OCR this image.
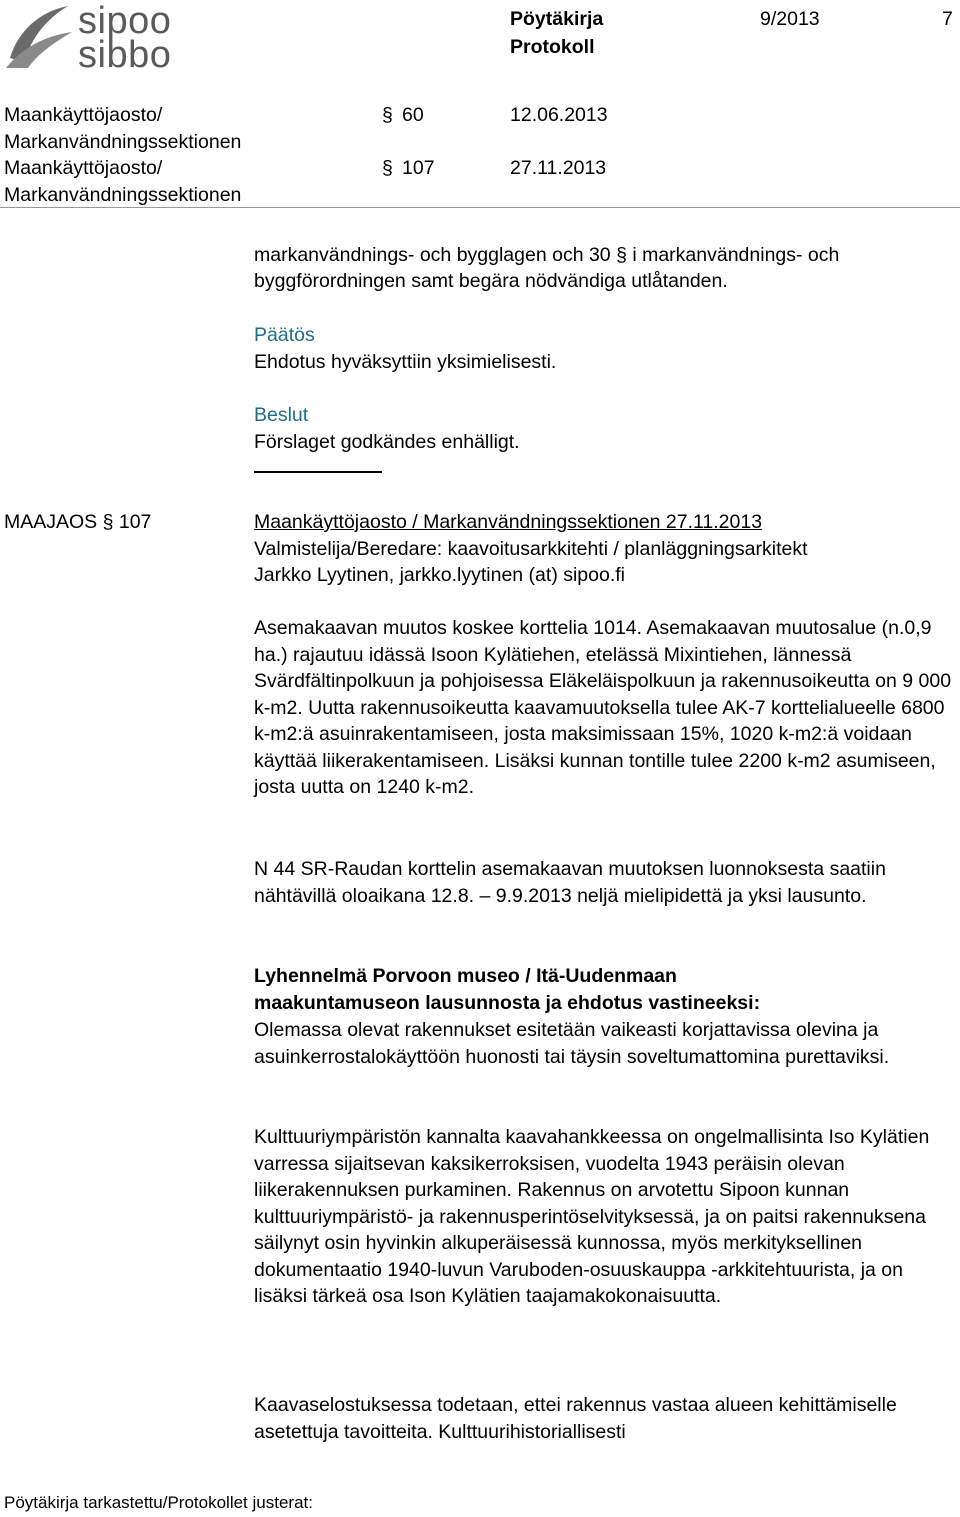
sipoo
sibbo
Pöytäkirja
Protokoll
9/2013	7
Maankäyttöjaosto/
Markanvändningssektionen
§ 60	12.06.2013
Maankäyttöjaosto/
Markanvändningssektionen
§ 107	27.11.2013
markanvändnings- och bygglagen och 30 § i markanvändnings- och
byggförordningen samt begära nödvändiga utlåtanden.
Päätös
Ehdotus hyväksyttiin yksimielisesti.
Beslut
Förslaget godkändes enhälligt.
MAAJAOS § 107	Maankäyttöjaosto / Markanvändningssektionen 27.11.2013
Valmistelija/Beredare: kaavoitusarkkitehti / planläggningsarkitekt
Jarkko Lyytinen, jarkko.lyytinen (at) sipoo.fi

Asemakaavan muutos koskee korttelia 1014. Asemakaavan muutosalue (n.0,9 ha.) rajautuu idässä Isoon Kylätiehen, etelässä Mixintiehen, lännessä Svärdfältinpolkuun ja pohjoisessa Eläkeläispolkuun ja rakennusoikeutta on 9 000 k-m2. Uutta rakennusoikeutta kaavamuutoksella tulee AK-7 korttelialueelle 6800 k-m2:ä asuinrakentamiseen, josta maksimissaan 15%, 1020 k-m2:ä voidaan käyttää liikerakentamiseen. Lisäksi kunnan tontille tulee 2200 k-m2 asumiseen, josta uutta on 1240 k-m2.

N 44 SR-Raudan korttelin asemakaavan muutoksen luonnoksesta saatiin nähtävillä oloaikana 12.8. – 9.9.2013 neljä mielipidettä ja yksi lausunto.

Lyhennelmä Porvoon museo / Itä-Uudenmaan
maakuntamuseon lausunnosta ja ehdotus vastineeksi:

Olemassa olevat rakennukset esitetään vaikeasti korjattavissa olevina ja asuinkerrostalokäyttöön huonosti tai täysin soveltumattomina purettaviksi.

Kulttuuriympäristön kannalta kaavahankkeessa on ongelmallisinta Iso Kylätien varressa sijaitsevan kaksikerroksisen, vuodelta 1943 peräisin olevan liikerakennuksen purkaminen. Rakennus on arvotettu Sipoon kunnan kulttuuriympäristö- ja rakennusperintöselvityksessä, ja on paitsi rakennuksena säilynyt osin hyvinkin alkuperäisessä kunnossa, myös merkityksellinen dokumentaatio 1940-luvun Varuboden-osuuskauppa -arkkitehtuurista, ja on lisäksi tärkeä osa Ison Kylätien taajamakokonaisuutta.

Kaavaselostuksessa todetaan, ettei rakennus vastaa alueen kehittämiselle asetettuja tavoitteita. Kulttuurihistoriallisesti

Pöytäkirja tarkastettu/Protokollet justerat:
